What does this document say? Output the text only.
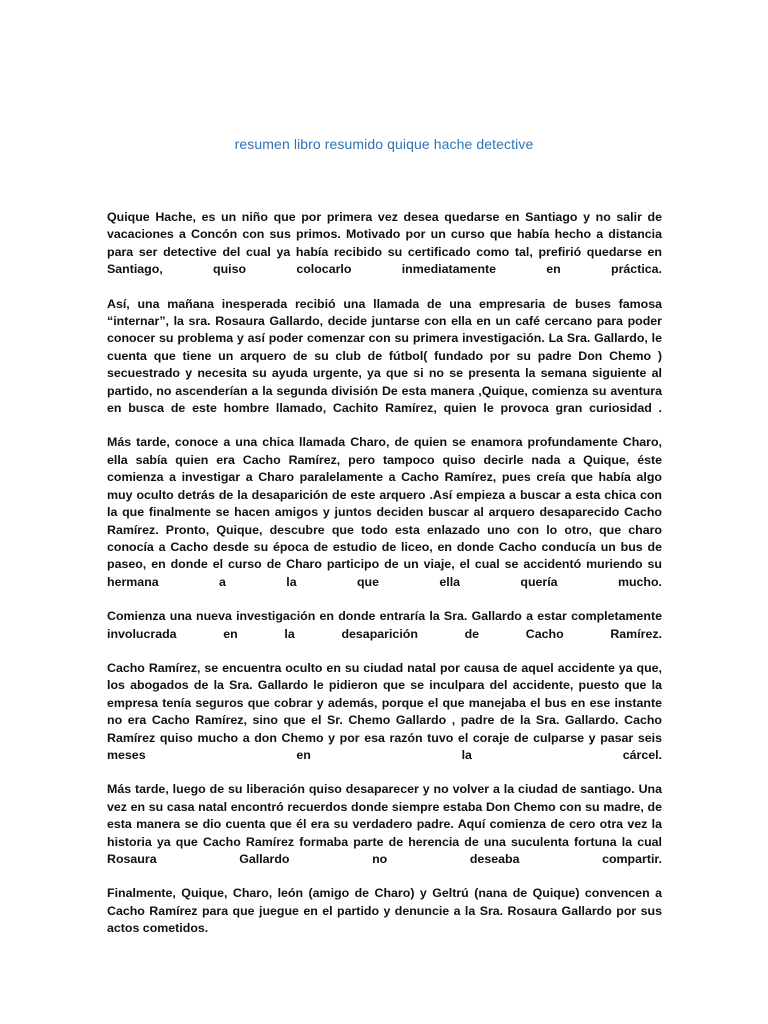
resumen libro resumido quique hache detective

Quique Hache, es un niño que por primera vez desea quedarse en Santiago y no salir de vacaciones a Concón con sus primos. Motivado por un curso que había hecho a distancia para ser detective del cual ya había recibido su certificado como tal, prefirió quedarse en Santiago, quiso colocarlo inmediatamente en práctica.

Así, una mañana inesperada recibió una llamada de una empresaria de buses famosa “internar”, la sra. Rosaura Gallardo, decide juntarse con ella en un café cercano para poder conocer su problema y así poder comenzar con su primera investigación. La Sra. Gallardo, le cuenta que tiene un arquero de su club de fútbol( fundado por su padre Don Chemo ) secuestrado y necesita su ayuda urgente, ya que si no se presenta la semana siguiente al partido, no ascenderían a la segunda división De esta manera ,Quique, comienza su aventura en busca de este hombre llamado, Cachito Ramírez, quien le provoca gran curiosidad .

Más tarde, conoce a una chica llamada Charo, de quien se enamora profundamente Charo, ella sabía quien era Cacho Ramírez, pero tampoco quiso decirle nada a Quique, éste comienza a investigar a Charo paralelamente a Cacho Ramírez, pues creía que había algo muy oculto detrás de la desaparición de este arquero .Así empieza a buscar a esta chica con la que finalmente se hacen amigos y juntos deciden buscar al arquero desaparecido Cacho Ramírez. Pronto, Quique, descubre que todo esta enlazado uno con lo otro, que charo conocía a Cacho desde su época de estudio de liceo, en donde Cacho conducía un bus de paseo, en donde el curso de Charo participo de un viaje, el cual se accidentó muriendo su hermana a la que ella quería mucho.

Comienza una nueva investigación en donde entraría la Sra. Gallardo a estar completamente involucrada en la desaparición de Cacho Ramírez.

Cacho Ramírez, se encuentra oculto en su ciudad natal por causa de aquel accidente ya que, los abogados de la Sra. Gallardo le pidieron que se inculpara del accidente, puesto que la empresa tenía seguros que cobrar y además, porque el que manejaba el bus en ese instante no era Cacho Ramírez, sino que el Sr. Chemo Gallardo , padre de la Sra. Gallardo. Cacho Ramírez quiso mucho a don Chemo y por esa razón tuvo el coraje de culparse y pasar seis meses en la cárcel.

Más tarde, luego de su liberación quiso desaparecer y no volver a la ciudad de santiago. Una vez en su casa natal encontró recuerdos donde siempre estaba Don Chemo con su madre, de esta manera se dio cuenta que él era su verdadero padre. Aquí comienza de cero otra vez la historia ya que Cacho Ramírez formaba parte de herencia de una suculenta fortuna la cual Rosaura Gallardo no deseaba compartir.

Finalmente, Quique, Charo, león (amigo de Charo) y Geltrú (nana de Quique) convencen a Cacho Ramírez para que juegue en el partido y denuncie a la Sra. Rosaura Gallardo por sus actos cometidos.
